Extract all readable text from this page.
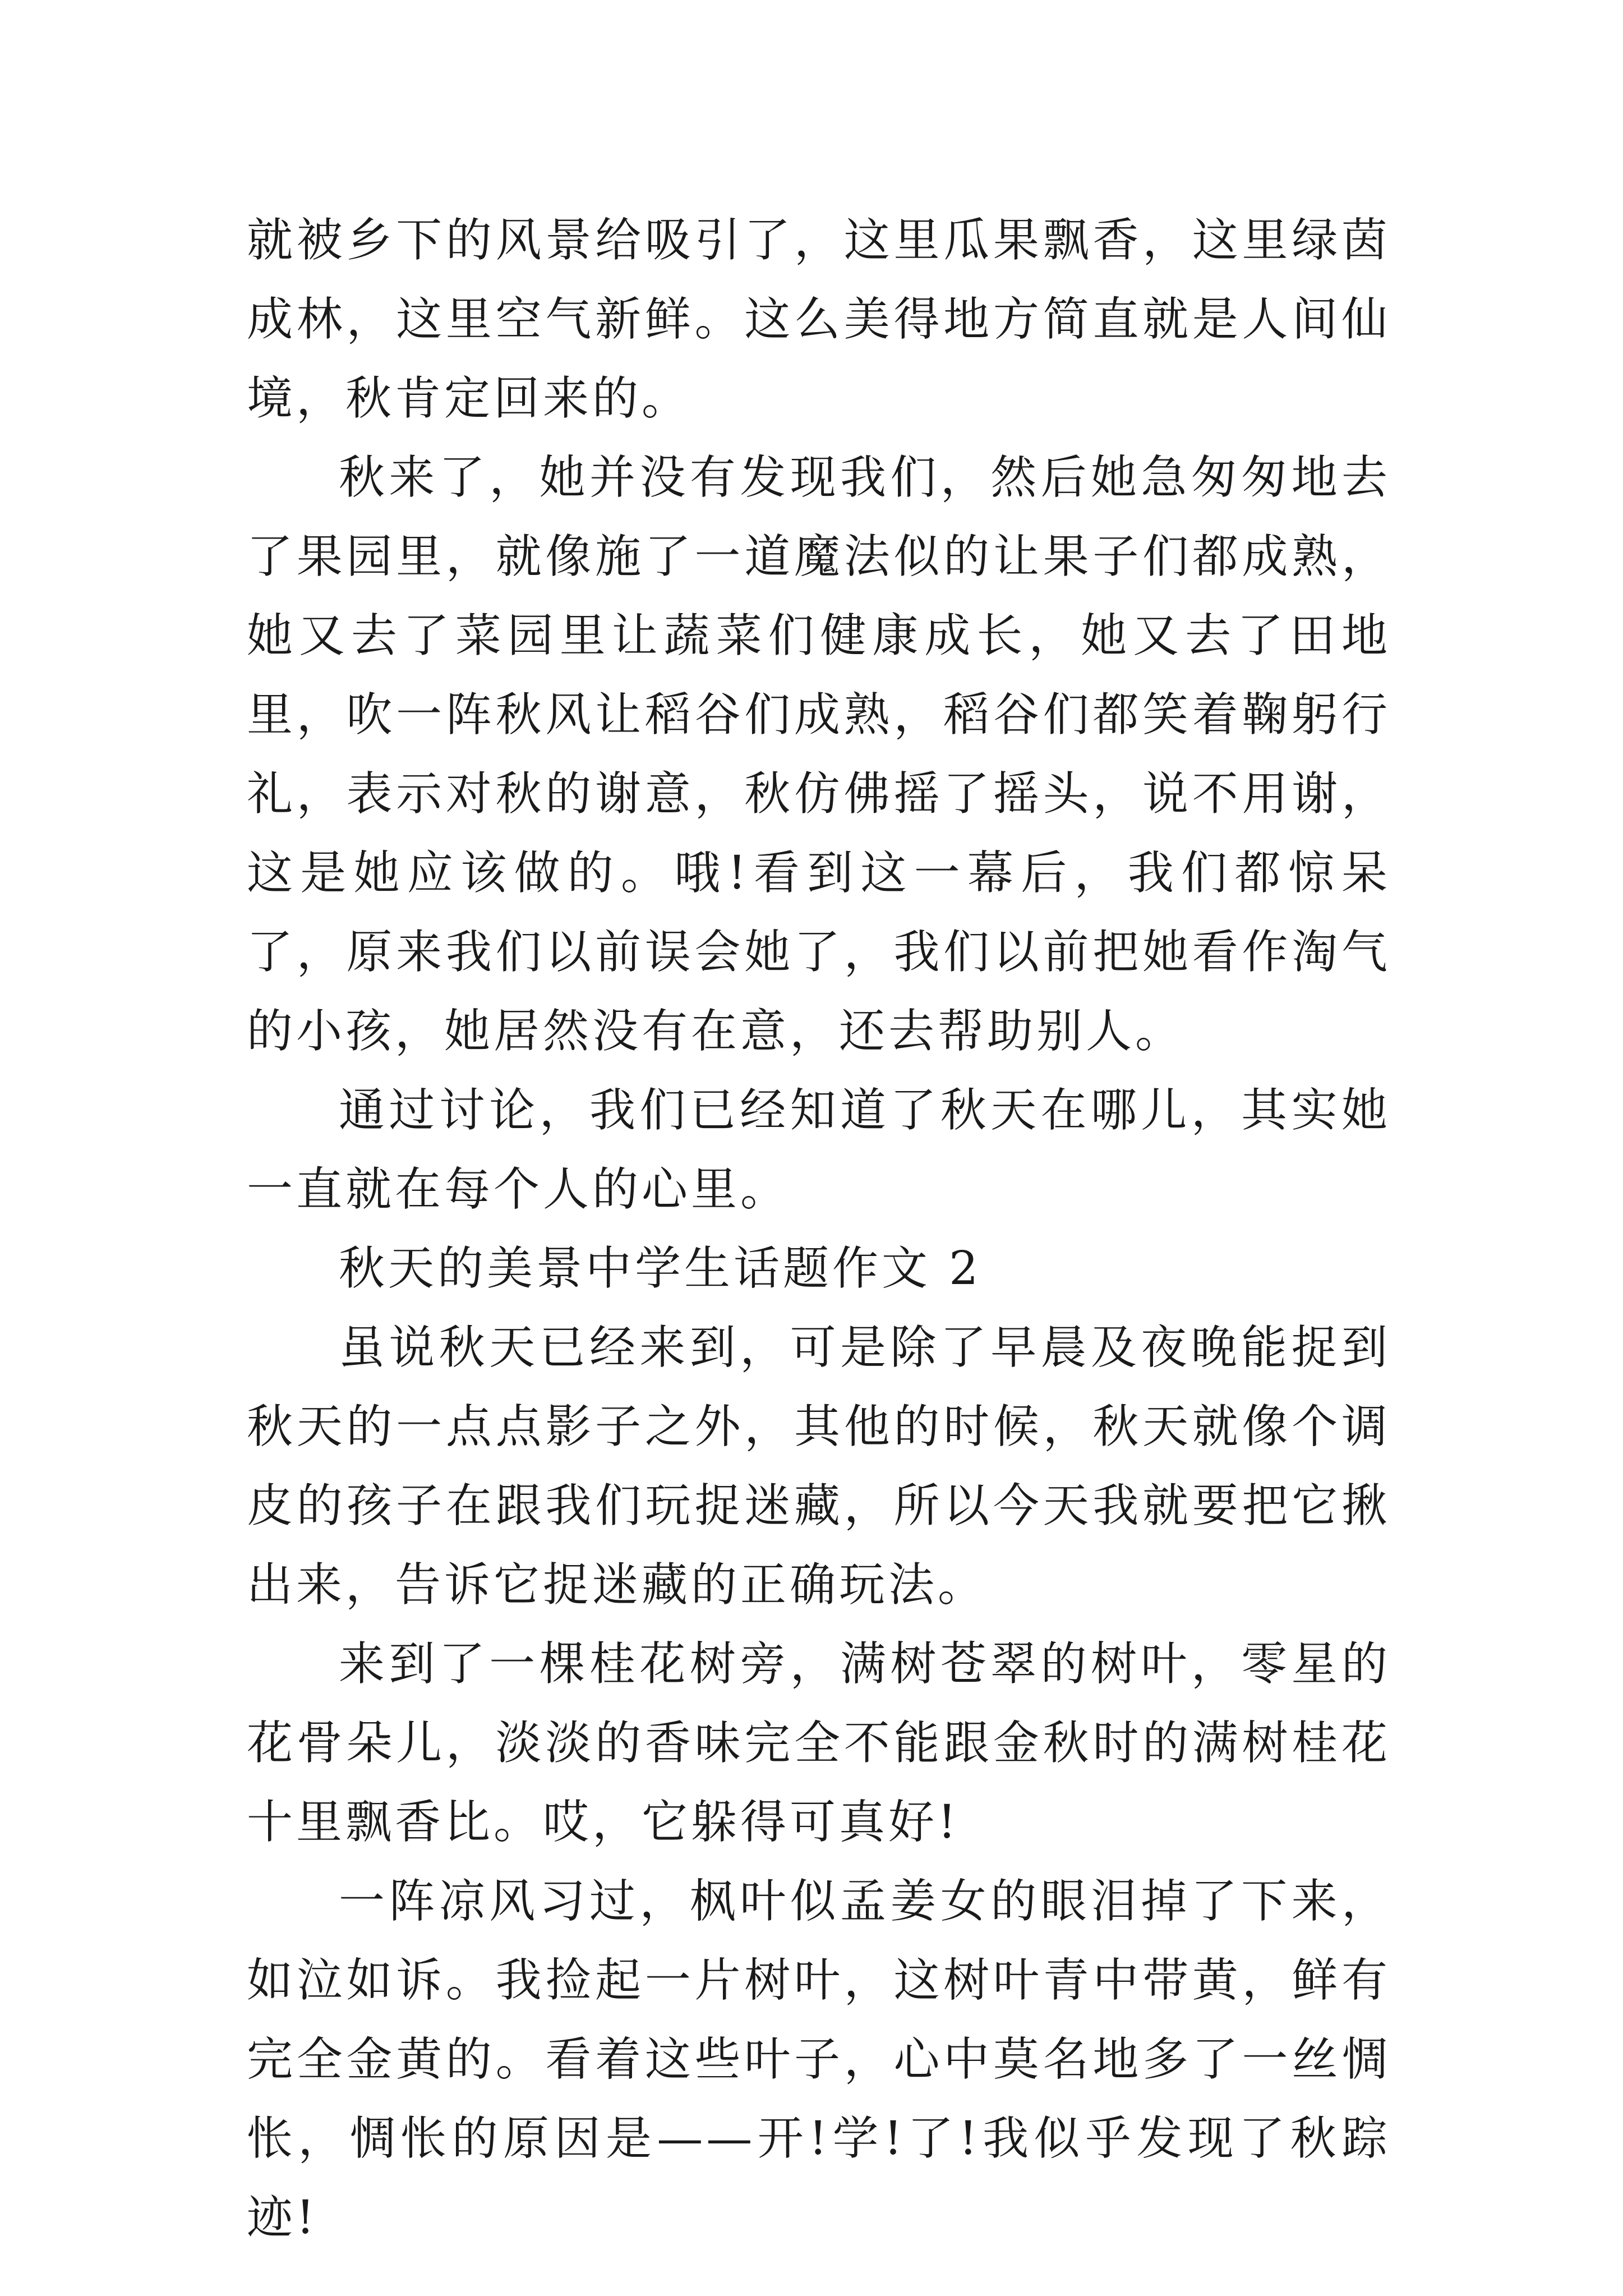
就被乡下的风景给吸引了，这里瓜果飘香，这里绿茵成林，这里空气新鲜。这么美得地方简直就是人间仙境，秋肯定回来的。

秋来了，她并没有发现我们，然后她急匆匆地去了果园里，就像施了一道魔法似的让果子们都成熟，她又去了菜园里让蔬菜们健康成长，她又去了田地里，吹一阵秋风让稻谷们成熟，稻谷们都笑着鞠躬行礼，表示对秋的谢意，秋仿佛摇了摇头，说不用谢，这是她应该做的。哦!看到这一幕后，我们都惊呆了，原来我们以前误会她了，我们以前把她看作淘气的小孩，她居然没有在意，还去帮助别人。

通过讨论，我们已经知道了秋天在哪儿，其实她一直就在每个人的心里。

秋天的美景中学生话题作文 2

虽说秋天已经来到，可是除了早晨及夜晚能捉到秋天的一点点影子之外，其他的时候，秋天就像个调皮的孩子在跟我们玩捉迷藏，所以今天我就要把它揪出来，告诉它捉迷藏的正确玩法。

来到了一棵桂花树旁，满树苍翠的树叶，零星的花骨朵儿，淡淡的香味完全不能跟金秋时的满树桂花十里飘香比。哎，它躲得可真好!

一阵凉风习过，枫叶似孟姜女的眼泪掉了下来，如泣如诉。我捡起一片树叶，这树叶青中带黄，鲜有完全金黄的。看着这些叶子，心中莫名地多了一丝惆怅，惆怅的原因是——开!学!了!我似乎发现了秋踪迹!
